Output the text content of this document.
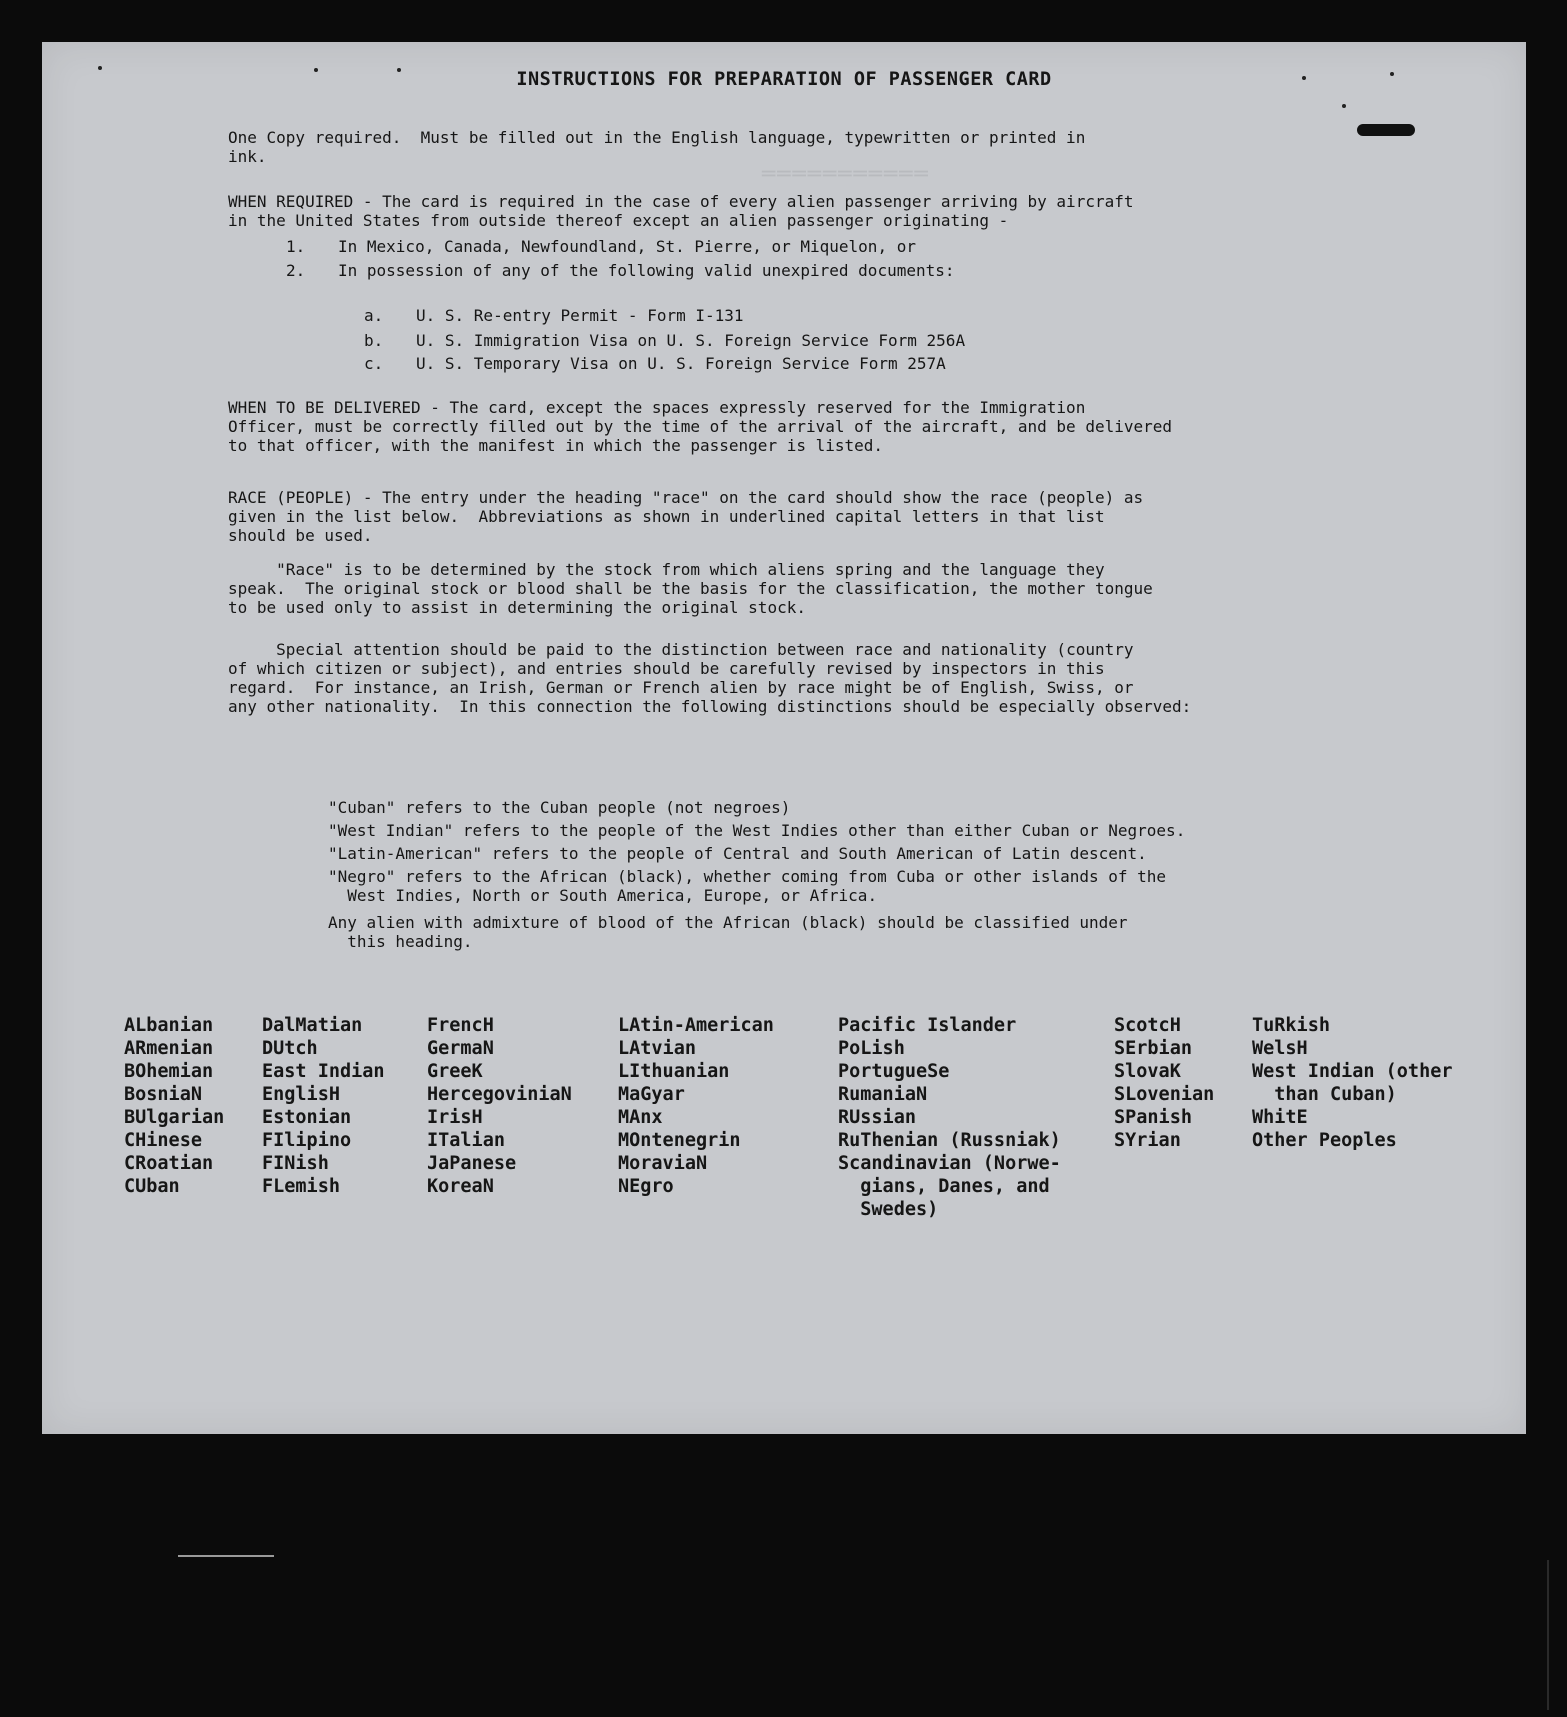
═══════════
INSTRUCTIONS FOR PREPARATION OF PASSENGER CARD
One Copy required.  Must be filled out in the English language, typewritten or printed in
ink.
WHEN REQUIRED - The card is required in the case of every alien passenger arriving by aircraft
in the United States from outside thereof except an alien passenger originating -
1. In Mexico, Canada, Newfoundland, St. Pierre, or Miquelon, or
2. In possession of any of the following valid unexpired documents:
a. U. S. Re-entry Permit - Form I-131
b. U. S. Immigration Visa on U. S. Foreign Service Form 256A
c. U. S. Temporary Visa on U. S. Foreign Service Form 257A
WHEN TO BE DELIVERED - The card, except the spaces expressly reserved for the Immigration
Officer, must be correctly filled out by the time of the arrival of the aircraft, and be delivered
to that officer, with the manifest in which the passenger is listed.
RACE (PEOPLE) - The entry under the heading "race" on the card should show the race (people) as
given in the list below.  Abbreviations as shown in underlined capital letters in that list
should be used.
"Race" is to be determined by the stock from which aliens spring and the language they
speak.  The original stock or blood shall be the basis for the classification, the mother tongue
to be used only to assist in determining the original stock.
Special attention should be paid to the distinction between race and nationality (country
of which citizen or subject), and entries should be carefully revised by inspectors in this
regard.  For instance, an Irish, German or French alien by race might be of English, Swiss, or
any other nationality.  In this connection the following distinctions should be especially observed:
"Cuban" refers to the Cuban people (not negroes)
"West Indian" refers to the people of the West Indies other than either Cuban or Negroes.
"Latin-American" refers to the people of Central and South American of Latin descent.
"Negro" refers to the African (black), whether coming from Cuba or other islands of the
West Indies, North or South America, Europe, or Africa.
Any alien with admixture of blood of the African (black) should be classified under
this heading.
ALbanian
ARmenian
BOhemian
BosniaN
BUlgarian
CHinese
CRoatian
CUban
DalMatian
DUtch
East Indian
EnglisH
Estonian
FIlipino
FINish
FLemish
FrencH
GermaN
GreeK
HercegoviniaN
IrisH
ITalian
JaPanese
KoreaN
LAtin-American
LAtvian
LIthuanian
MaGyar
MAnx
MOntenegrin
MoraviaN
NEgro
Pacific Islander
PoLish
PortugueSe
RumaniaN
RUssian
RuThenian (Russniak)
Scandinavian (Norwe-
gians, Danes, and
Swedes)
ScotcH
SErbian
SlovaK
SLovenian
SPanish
SYrian
TuRkish
WelsH
West Indian (other
than Cuban)
WhitE
Other Peoples
